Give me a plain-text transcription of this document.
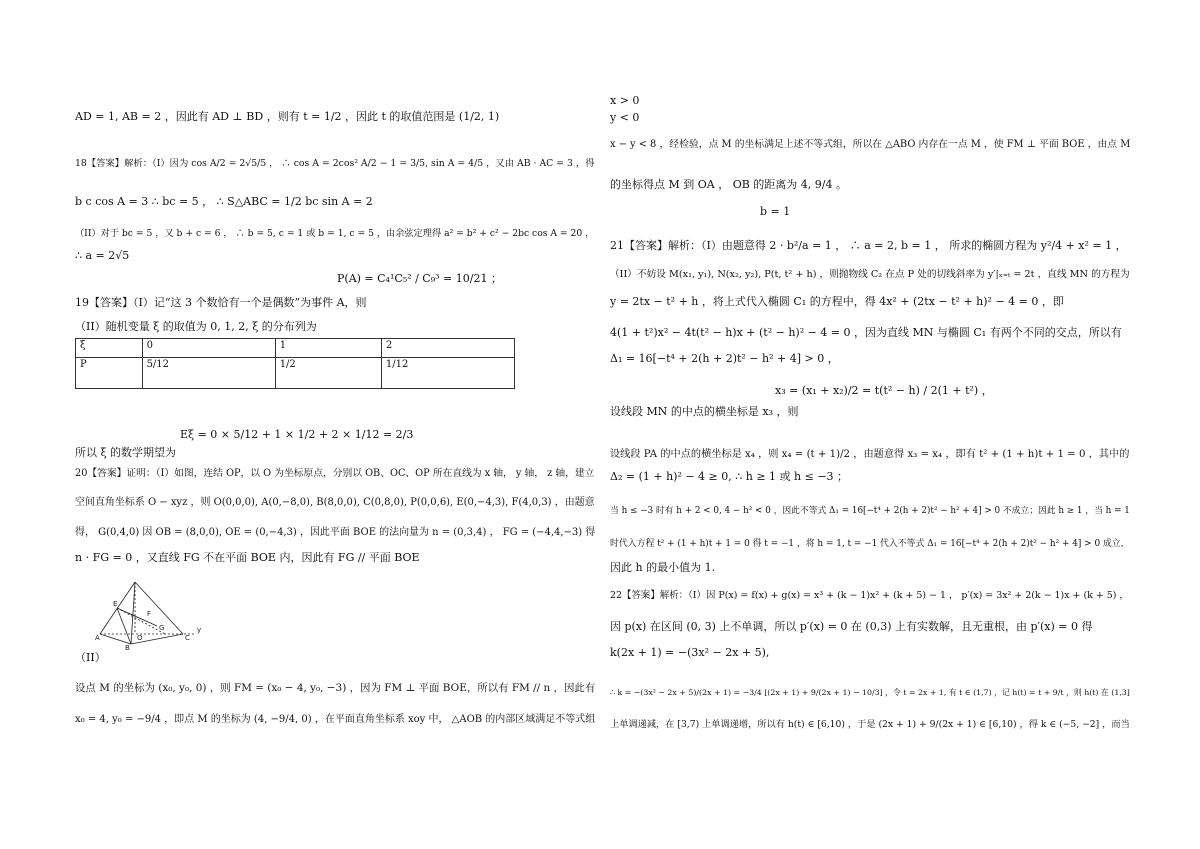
AD = 1, AB = 2 ，因此有 AD ⊥ BD ，则有 t = 1/2 ，因此 t 的取值范围是 (1/2, 1)
18【答案】解析：（I）因为 cos A/2 = 2√5/5 ， ∴ cos A = 2cos² A/2 − 1 = 3/5, sin A = 4/5 ，又由 AB · AC = 3 ，得
b c cos A = 3 ∴ bc = 5 ， ∴ S△ABC = 1/2 bc sin A = 2
（II）对于 bc = 5 ，又 b + c = 6 ， ∴ b = 5, c = 1 或 b = 1, c = 5 ，由余弦定理得 a² = b² + c² − 2bc cos A = 20 ，
∴ a = 2√5
P(A) = C₄¹C₅² / C₉³ = 10/21 ；
19【答案】（I）记“这 3 个数恰有一个是偶数”为事件 A，则
（II）随机变量 ξ 的取值为 0, 1, 2, ξ 的分布列为
Eξ = 0 × 5/12 + 1 × 1/2 + 2 × 1/12 = 2/3
所以 ξ 的数学期望为
20【答案】证明：（I）如图，连结 OP，以 O 为坐标原点，分别以 OB、OC、OP 所在直线为 x 轴， y 轴， z 轴，建立
空间直角坐标系 O − xyz ，则 O(0,0,0), A(0,−8,0), B(8,0,0), C(0,8,0), P(0,0,6), E(0,−4,3), F(4,0,3) ，由题意
得， G(0,4,0) 因 OB = (8,0,0), OE = (0,−4,3) ，因此平面 BOE 的法向量为 n = (0,3,4) ， FG = (−4,4,−3) 得
n · FG = 0 ，又直线 FG 不在平面 BOE 内，因此有 FG // 平面 BOE
（II）
设点 M 的坐标为 (x₀, y₀, 0) ，则 FM = (x₀ − 4, y₀, −3) ，因为 FM ⊥ 平面 BOE，所以有 FM // n ，因此有
x₀ = 4, y₀ = −9/4 ，即点 M 的坐标为 (4, −9/4, 0) ，在平面直角坐标系 xoy 中， △AOB 的内部区域满足不等式组
ξ	0	1	2
P	5/12	1/2	1/12
E
F
G
O
A
B
C
y
x > 0
y < 0
x − y < 8 ，经检验，点 M 的坐标满足上述不等式组，所以在 △ABO 内存在一点 M ，使 FM ⊥ 平面 BOE ，由点 M
的坐标得点 M 到 OA ， OB 的距离为 4, 9/4 。
b = 1
21【答案】解析：（I）由题意得 2 · b²/a = 1 ， ∴ a = 2, b = 1 ， 所求的椭圆方程为 y²/4 + x² = 1 ，
（II）不妨设 M(x₁, y₁), N(x₂, y₂), P(t, t² + h) ，则抛物线 C₂ 在点 P 处的切线斜率为 y′|ₓ₌ₜ = 2t ，直线 MN 的方程为
y = 2tx − t² + h ，将上式代入椭圆 C₁ 的方程中，得 4x² + (2tx − t² + h)² − 4 = 0 ，即
4(1 + t²)x² − 4t(t² − h)x + (t² − h)² − 4 = 0 ，因为直线 MN 与椭圆 C₁ 有两个不同的交点，所以有
Δ₁ = 16[−t⁴ + 2(h + 2)t² − h² + 4] > 0 ，
x₃ = (x₁ + x₂)/2 = t(t² − h) / 2(1 + t²) ，
设线段 MN 的中点的横坐标是 x₃ ，则
设线段 PA 的中点的横坐标是 x₄ ，则 x₄ = (t + 1)/2 ，由题意得 x₃ = x₄ ，即有 t² + (1 + h)t + 1 = 0 ，其中的
Δ₂ = (1 + h)² − 4 ≥ 0, ∴ h ≥ 1 或 h ≤ −3 ；
当 h ≤ −3 时有 h + 2 < 0, 4 − h² < 0 ，因此不等式 Δ₁ = 16[−t⁴ + 2(h + 2)t² − h² + 4] > 0 不成立；因此 h ≥ 1 ，当 h = 1
时代入方程 t² + (1 + h)t + 1 = 0 得 t = −1 ，将 h = 1, t = −1 代入不等式 Δ₁ = 16[−t⁴ + 2(h + 2)t² − h² + 4] > 0 成立，
因此 h 的最小值为 1.
22【答案】解析：（I）因 P(x) = f(x) + g(x) = x³ + (k − 1)x² + (k + 5) − 1 ， p′(x) = 3x² + 2(k − 1)x + (k + 5) ，
因 p(x) 在区间 (0, 3) 上不单调，所以 p′(x) = 0 在 (0,3) 上有实数解，且无重根，由 p′(x) = 0 得
k(2x + 1) = −(3x² − 2x + 5),
∴ k = −(3x² − 2x + 5)/(2x + 1) = −3/4 [(2x + 1) + 9/(2x + 1) − 10/3] ，令 t = 2x + 1, 有 t ∈ (1,7) ，记 h(t) = t + 9/t ，则 h(t) 在 (1,3]
上单调递减，在 [3,7) 上单调递增，所以有 h(t) ∈ [6,10) ，于是 (2x + 1) + 9/(2x + 1) ∈ [6,10) ，得 k ∈ (−5, −2] ，而当
